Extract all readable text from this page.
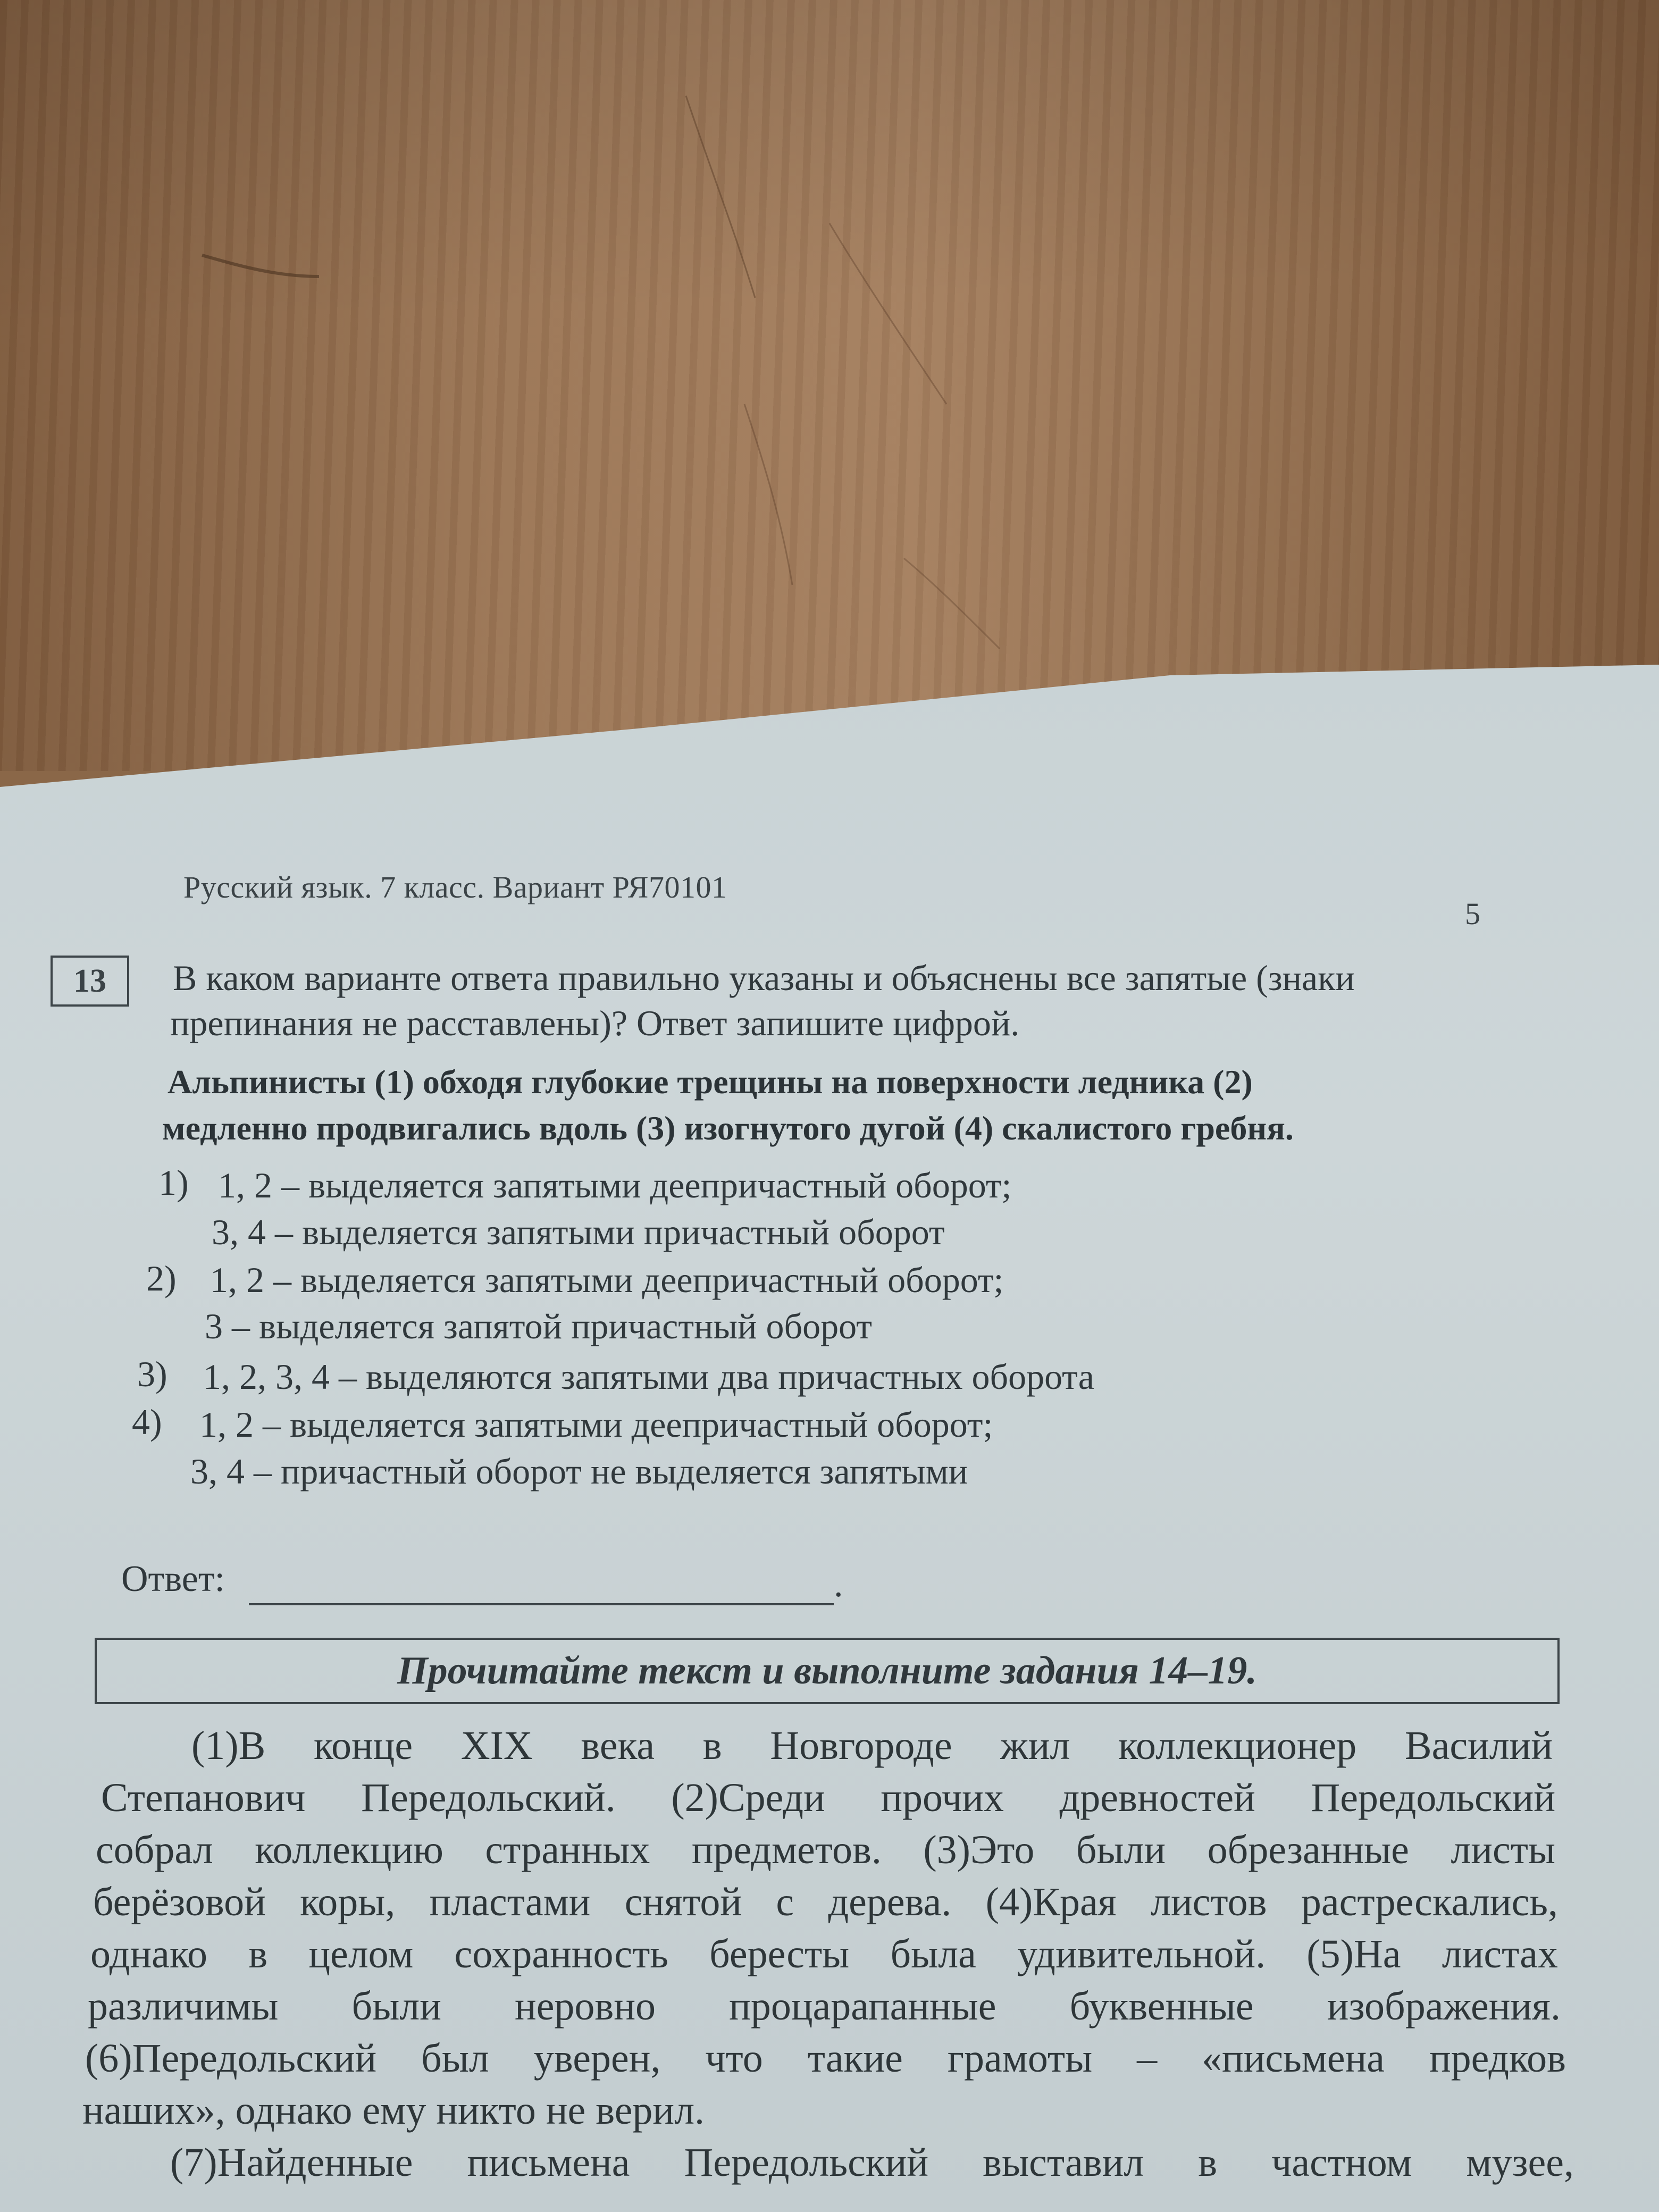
Русский язык. 7 класс. Вариант РЯ70101
5
13	В каком варианте ответа правильно указаны и объяснены все запятые (знаки
препинания не расставлены)? Ответ запишите цифрой.
Альпинисты (1) обходя глубокие трещины на поверхности ледника (2)
медленно продвигались вдоль (3) изогнутого дугой (4) скалистого гребня.
1) 1, 2 – выделяется запятыми деепричастный оборот;
3, 4 – выделяется запятыми причастный оборот
2) 1, 2 – выделяется запятыми деепричастный оборот;
3 – выделяется запятой причастный оборот
3) 1, 2, 3, 4 – выделяются запятыми два причастных оборота
4) 1, 2 – выделяется запятыми деепричастный оборот;
3, 4 – причастный оборот не выделяется запятыми
Ответ:	.
Прочитайте текст и выполните задания 14–19.
(1)В конце XIX века в Новгороде жил коллекционер Василий
Степанович Передольский. (2)Среди прочих древностей Передольский
собрал коллекцию странных предметов. (3)Это были обрезанные листы
берёзовой коры, пластами снятой с дерева. (4)Края листов растрескались,
однако в целом сохранность бересты была удивительной. (5)На листах
различимы были неровно процарапанные буквенные изображения.
(6)Передольский был уверен, что такие грамоты – «письмена предков
наших», однако ему никто не верил.
(7)Найденные письмена Передольский выставил в частном музее,
